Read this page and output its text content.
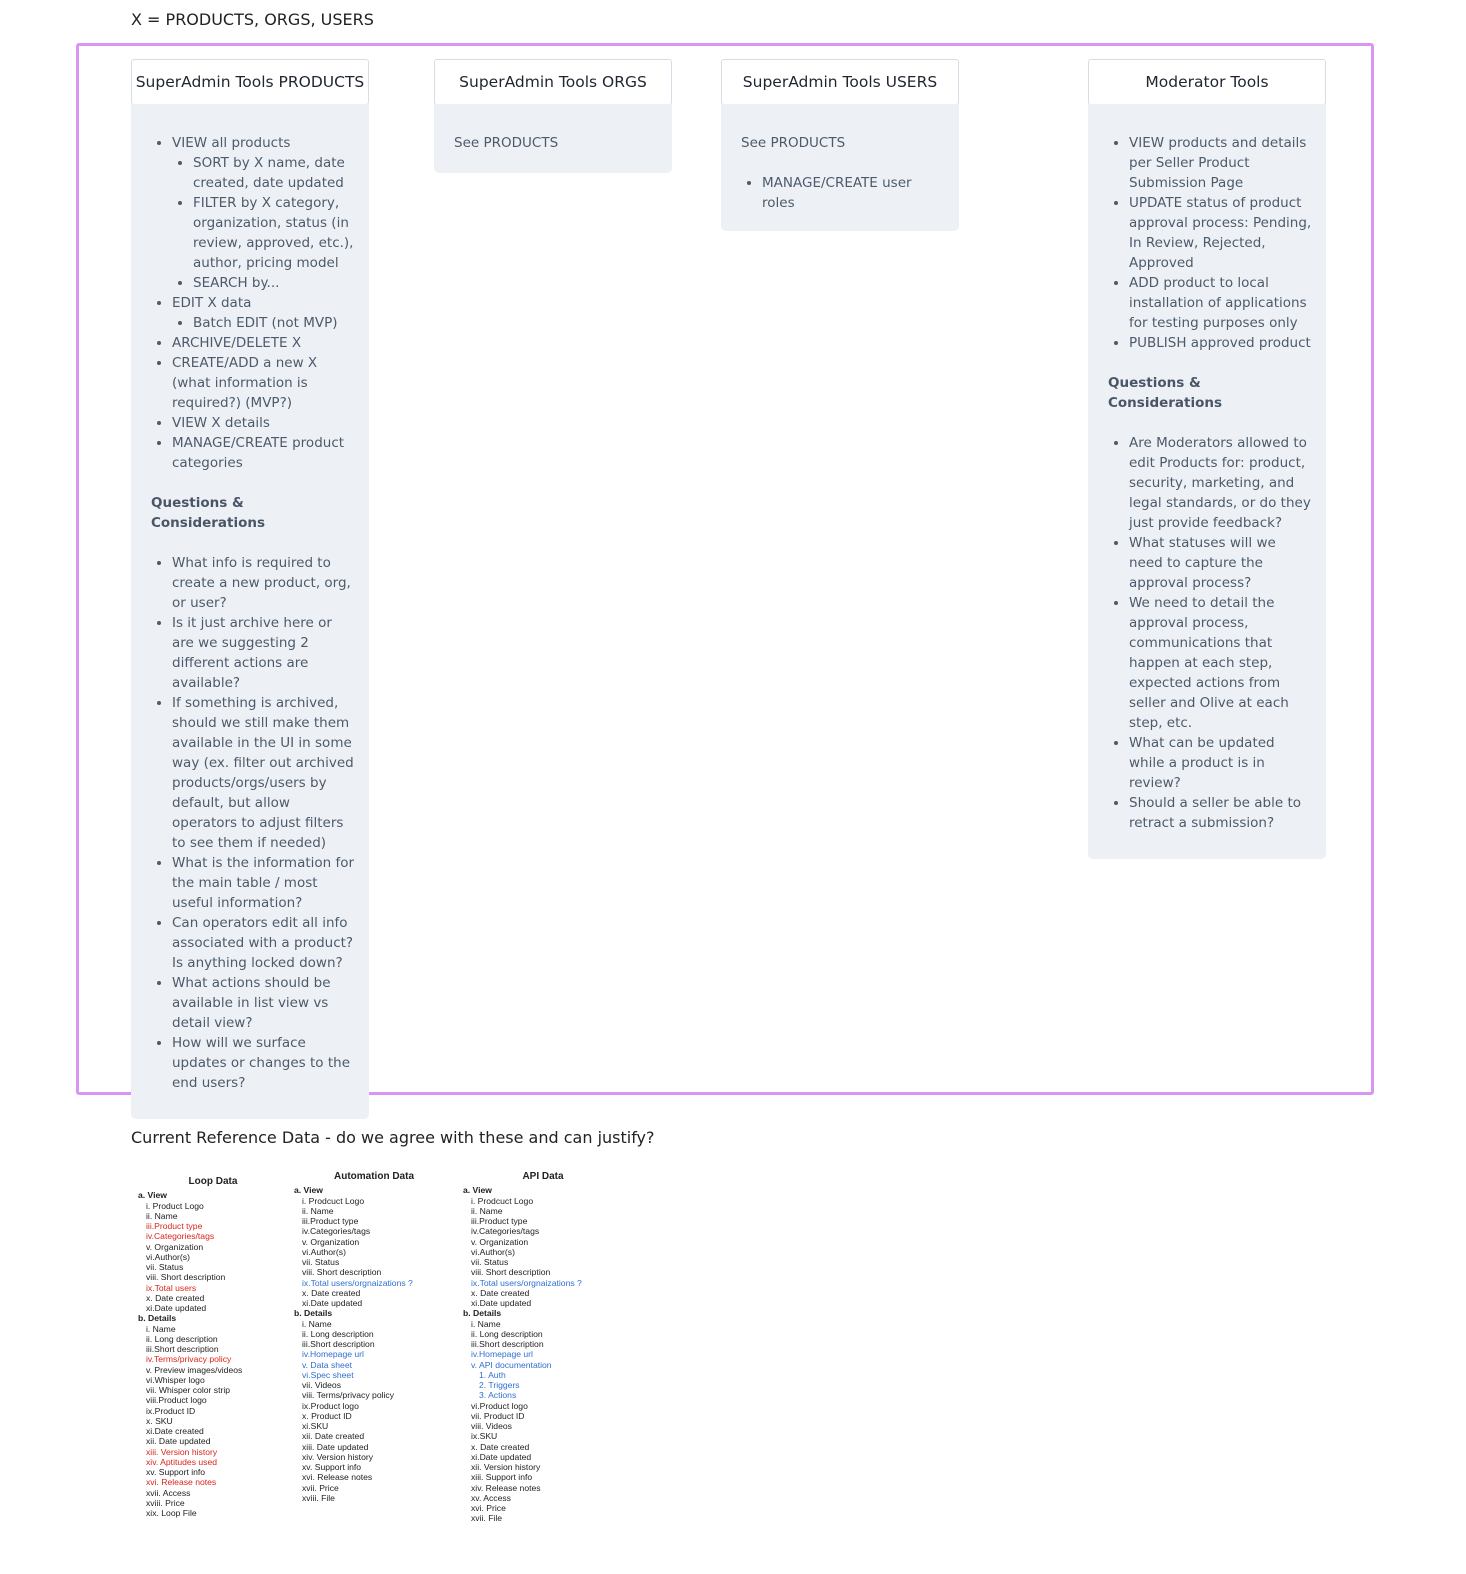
X = PRODUCTS, ORGS, USERS
SuperAdmin Tools PRODUCTS
• VIEW all products
• SORT by X name, date created, date updated
• FILTER by X category, organization, status (in review, approved, etc.), author, pricing model
• SEARCH by...
• EDIT X data
• Batch EDIT (not MVP)
• ARCHIVE/DELETE X
• CREATE/ADD a new X (what information is required?) (MVP?)
• VIEW X details
• MANAGE/CREATE product categories

Questions & Considerations

• What info is required to create a new product, org, or user?
• Is it just archive here or are we suggesting 2 different actions are available?
• If something is archived, should we still make them available in the UI in some way (ex. filter out archived products/orgs/users by default, but allow operators to adjust filters to see them if needed)
• What is the information for the main table / most useful information?
• Can operators edit all info associated with a product? Is anything locked down?
• What actions should be available in list view vs detail view?
• How will we surface updates or changes to the end users?
SuperAdmin Tools ORGS

See PRODUCTS

SuperAdmin Tools USERS

See PRODUCTS

• MANAGE/CREATE user roles
Moderator Tools
• VIEW products and details per Seller Product Submission Page
• UPDATE status of product approval process: Pending, In Review, Rejected, Approved
• ADD product to local installation of applications for testing purposes only
• PUBLISH approved product

Questions & Considerations

• Are Moderators allowed to edit Products for: product, security, marketing, and legal standards, or do they just provide feedback?
• What statuses will we need to capture the approval process?
• We need to detail the approval process, communications that happen at each step, expected actions from seller and Olive at each step, etc.
• What can be updated while a product is in review?
• Should a seller be able to retract a submission?
Current Reference Data - do we agree with these and can justify?
Loop Data
a. View
i. Product Logo
ii. Name
iii.Product type
iv.Categories/tags
v. Organization
vi.Author(s)
vii. Status
viii. Short description
ix.Total users
x. Date created
xi.Date updated
b. Details
i. Name
ii. Long description
iii.Short description
iv.Terms/privacy policy
v. Preview images/videos
vi.Whisper logo
vii. Whisper color strip
viii.Product logo
ix.Product ID
x. SKU
xi.Date created
xii. Date updated
xiii. Version history
xiv. Aptitudes used
xv. Support info
xvi. Release notes
xvii. Access
xviii. Price
xix. Loop File
Automation Data
a. View
i. Prodcuct Logo
ii. Name
iii.Product type
iv.Categories/tags
v. Organization
vi.Author(s)
vii. Status
viii. Short description
ix.Total users/orgnaizations ?
x. Date created
xi.Date updated
b. Details
i. Name
ii. Long description
iii.Short description
iv.Homepage url
v. Data sheet
vi.Spec sheet
vii. Videos
viii. Terms/privacy policy
ix.Product logo
x. Product ID
xi.SKU
xii. Date created
xiii. Date updated
xiv. Version history
xv. Support info
xvi. Release notes
xvii. Price
xviii. File
API Data
a. View
i. Prodcuct Logo
ii. Name
iii.Product type
iv.Categories/tags
v. Organization
vi.Author(s)
vii. Status
viii. Short description
ix.Total users/orgnaizations ?
x. Date created
xi.Date updated
b. Details
i. Name
ii. Long description
iii.Short description
iv.Homepage url
v. API documentation
1. Auth
2. Triggers
3. Actions
vi.Product logo
vii. Product ID
viii. Videos
ix.SKU
x. Date created
xi.Date updated
xii. Version history
xiii. Support info
xiv. Release notes
xv. Access
xvi. Price
xvii. File
